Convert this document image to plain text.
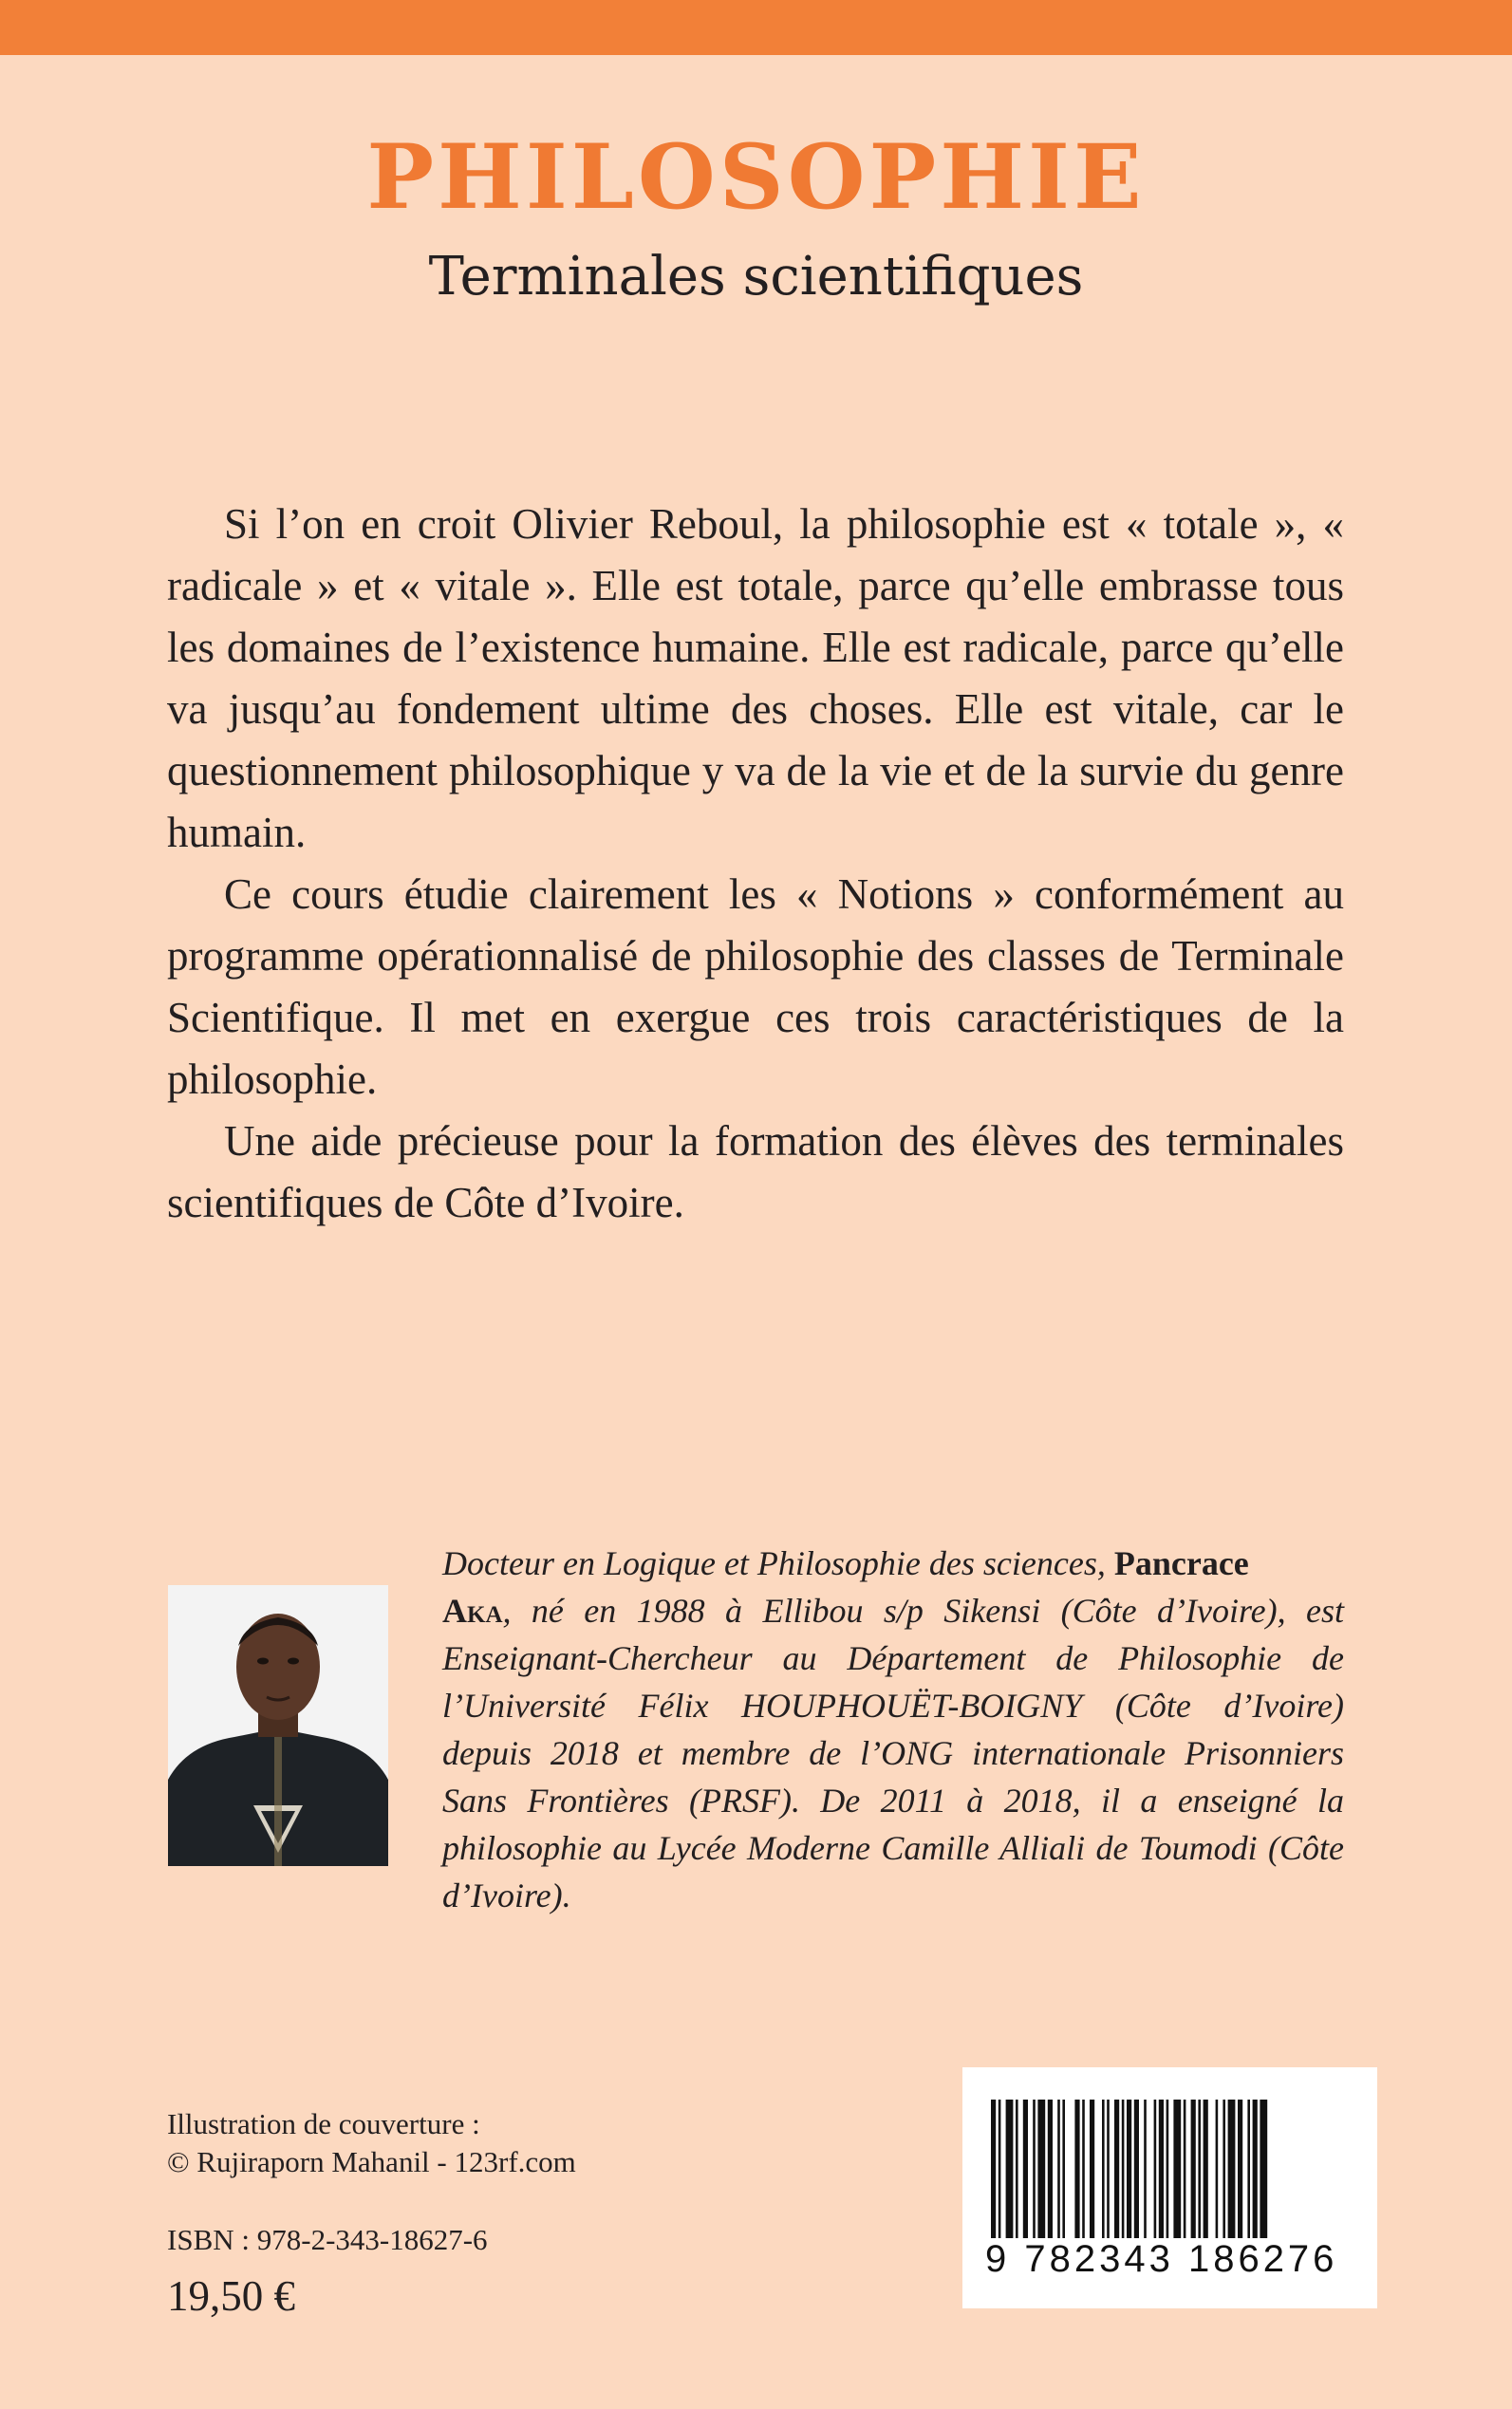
PHILOSOPHIE
Terminales scientifiques

Si l’on en croit Olivier Reboul, la philosophie est « totale », « radicale » et « vitale ». Elle est totale, parce qu’elle embrasse tous les domaines de l’existence humaine. Elle est radicale, parce qu’elle va jusqu’au fondement ultime des choses. Elle est vitale, car le questionnement philosophique y va de la vie et de la survie du genre humain.

Ce cours étudie clairement les « Notions » conformément au programme opérationnalisé de philosophie des classes de Terminale Scientifique. Il met en exergue ces trois caractéristiques de la philosophie.

Une aide précieuse pour la formation des élèves des terminales scientifiques de Côte d’Ivoire.

Docteur en Logique et Philosophie des sciences, Pancrace
Aka, né en 1988 à Ellibou s/p Sikensi (Côte d’Ivoire), est Enseignant-Chercheur au Département de Philosophie de l’Université Félix HOUPHOUËT-BOIGNY (Côte d’Ivoire) depuis 2018 et membre de l’ONG internationale Prisonniers Sans Frontières (PRSF). De 2011 à 2018, il a enseigné la philosophie au Lycée Moderne Camille Alliali de Toumodi (Côte d’Ivoire).

Illustration de couverture :
© Rujiraporn Mahanil - 123rf.com
ISBN : 978-2-343-18627-6
19,50 €
9 782343 186276
